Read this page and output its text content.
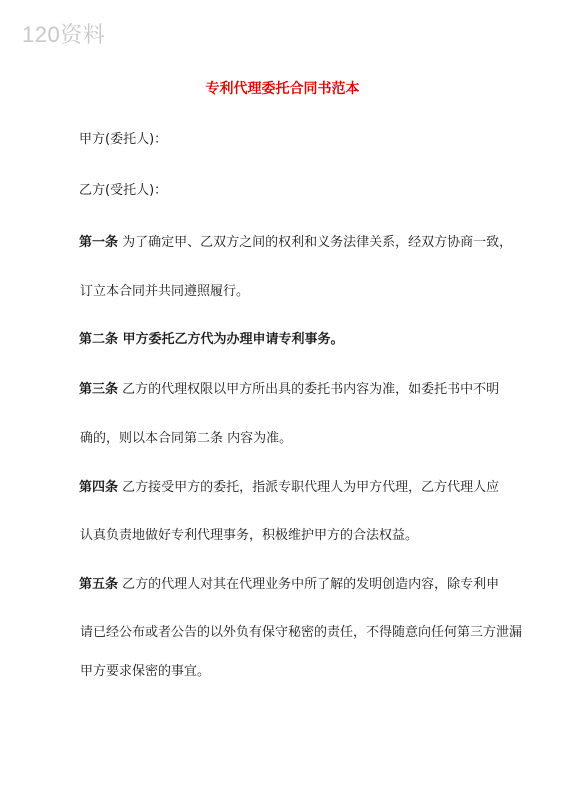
120资料
专利代理委托合同书范本
甲方(委托人)：
乙方(受托人)：
第一条 为了确定甲、乙双方之间的权利和义务法律关系，经双方协商一致，
订立本合同并共同遵照履行。
第二条 甲方委托乙方代为办理申请专利事务。
第三条 乙方的代理权限以甲方所出具的委托书内容为准，如委托书中不明
确的，则以本合同第二条 内容为准。
第四条 乙方接受甲方的委托，指派专职代理人为甲方代理，乙方代理人应
认真负责地做好专利代理事务，积极维护甲方的合法权益。
第五条 乙方的代理人对其在代理业务中所了解的发明创造内容，除专利申
请已经公布或者公告的以外负有保守秘密的责任，不得随意向任何第三方泄漏
甲方要求保密的事宜。
